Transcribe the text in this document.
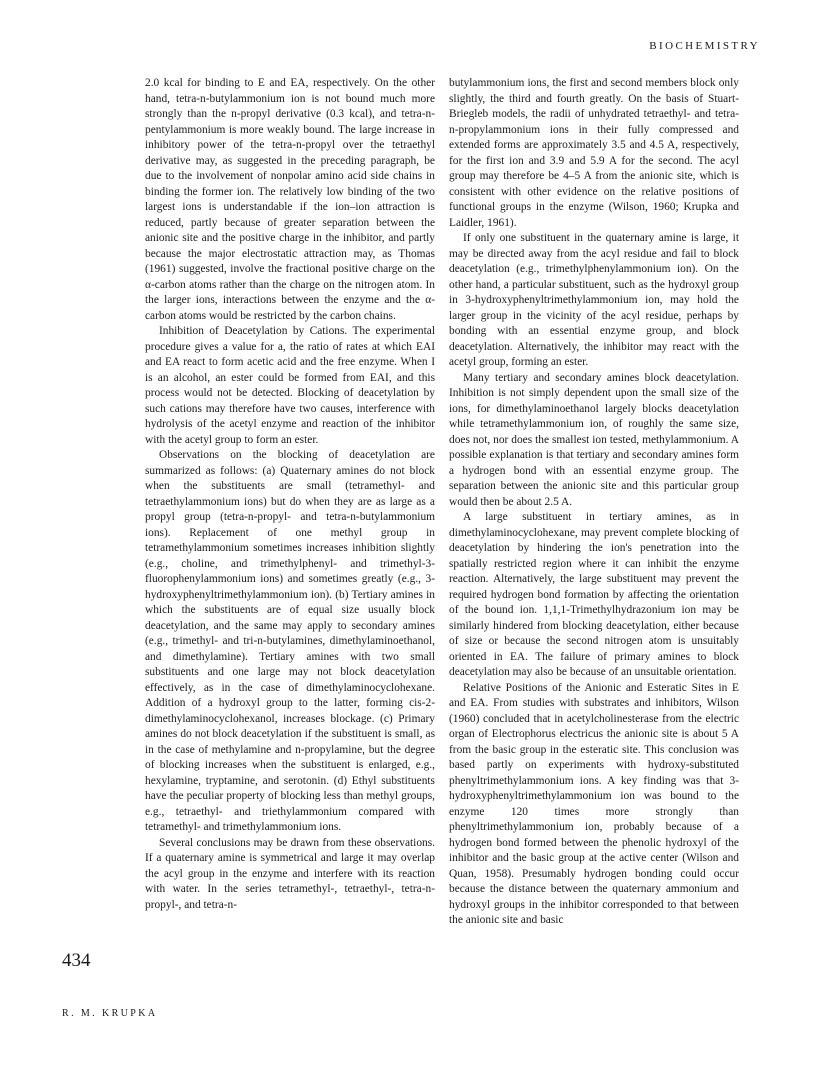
BIOCHEMISTRY

2.0 kcal for binding to E and EA, respectively. On the other hand, tetra-n-butylammonium ion is not bound much more strongly than the n-propyl derivative (0.3 kcal), and tetra-n-pentylammonium is more weakly bound. The large increase in inhibitory power of the tetra-n-propyl over the tetraethyl derivative may, as suggested in the preceding paragraph, be due to the involvement of nonpolar amino acid side chains in binding the former ion. The relatively low binding of the two largest ions is understandable if the ion–ion attraction is reduced, partly because of greater separation between the anionic site and the positive charge in the inhibitor, and partly because the major electrostatic attraction may, as Thomas (1961) suggested, involve the fractional positive charge on the α-carbon atoms rather than the charge on the nitrogen atom. In the larger ions, interactions between the enzyme and the α-carbon atoms would be restricted by the carbon chains.

Inhibition of Deacetylation by Cations. The experimental procedure gives a value for a, the ratio of rates at which EAI and EA react to form acetic acid and the free enzyme. When I is an alcohol, an ester could be formed from EAI, and this process would not be detected. Blocking of deacetylation by such cations may therefore have two causes, interference with hydrolysis of the acetyl enzyme and reaction of the inhibitor with the acetyl group to form an ester.

Observations on the blocking of deacetylation are summarized as follows: (a) Quaternary amines do not block when the substituents are small (tetramethyl- and tetraethylammonium ions) but do when they are as large as a propyl group (tetra-n-propyl- and tetra-n-butylammonium ions). Replacement of one methyl group in tetramethylammonium sometimes increases inhibition slightly (e.g., choline, and trimethylphenyl- and trimethyl-3-fluorophenylammonium ions) and sometimes greatly (e.g., 3-hydroxyphenyltrimethylammonium ion). (b) Tertiary amines in which the substituents are of equal size usually block deacetylation, and the same may apply to secondary amines (e.g., trimethyl- and tri-n-butylamines, dimethylaminoethanol, and dimethylamine). Tertiary amines with two small substituents and one large may not block deacetylation effectively, as in the case of dimethylaminocyclohexane. Addition of a hydroxyl group to the latter, forming cis-2-dimethylaminocyclohexanol, increases blockage. (c) Primary amines do not block deacetylation if the substituent is small, as in the case of methylamine and n-propylamine, but the degree of blocking increases when the substituent is enlarged, e.g., hexylamine, tryptamine, and serotonin. (d) Ethyl substituents have the peculiar property of blocking less than methyl groups, e.g., tetraethyl- and triethylammonium compared with tetramethyl- and trimethylammonium ions.

Several conclusions may be drawn from these observations. If a quaternary amine is symmetrical and large it may overlap the acyl group in the enzyme and interfere with its reaction with water. In the series tetramethyl-, tetraethyl-, tetra-n-propyl-, and tetra-n-

butylammonium ions, the first and second members block only slightly, the third and fourth greatly. On the basis of Stuart-Briegleb models, the radii of unhydrated tetraethyl- and tetra-n-propylammonium ions in their fully compressed and extended forms are approximately 3.5 and 4.5 A, respectively, for the first ion and 3.9 and 5.9 A for the second. The acyl group may therefore be 4–5 A from the anionic site, which is consistent with other evidence on the relative positions of functional groups in the enzyme (Wilson, 1960; Krupka and Laidler, 1961).

If only one substituent in the quaternary amine is large, it may be directed away from the acyl residue and fail to block deacetylation (e.g., trimethylphenylammonium ion). On the other hand, a particular substituent, such as the hydroxyl group in 3-hydroxyphenyltrimethylammonium ion, may hold the larger group in the vicinity of the acyl residue, perhaps by bonding with an essential enzyme group, and block deacetylation. Alternatively, the inhibitor may react with the acetyl group, forming an ester.

Many tertiary and secondary amines block deacetylation. Inhibition is not simply dependent upon the small size of the ions, for dimethylaminoethanol largely blocks deacetylation while tetramethylammonium ion, of roughly the same size, does not, nor does the smallest ion tested, methylammonium. A possible explanation is that tertiary and secondary amines form a hydrogen bond with an essential enzyme group. The separation between the anionic site and this particular group would then be about 2.5 A.

A large substituent in tertiary amines, as in dimethylaminocyclohexane, may prevent complete blocking of deacetylation by hindering the ion's penetration into the spatially restricted region where it can inhibit the enzyme reaction. Alternatively, the large substituent may prevent the required hydrogen bond formation by affecting the orientation of the bound ion. 1,1,1-Trimethylhydrazonium ion may be similarly hindered from blocking deacetylation, either because of size or because the second nitrogen atom is unsuitably oriented in EA. The failure of primary amines to block deacetylation may also be because of an unsuitable orientation.

Relative Positions of the Anionic and Esteratic Sites in E and EA. From studies with substrates and inhibitors, Wilson (1960) concluded that in acetylcholinesterase from the electric organ of Electrophorus electricus the anionic site is about 5 A from the basic group in the esteratic site. This conclusion was based partly on experiments with hydroxy-substituted phenyltrimethylammonium ions. A key finding was that 3-hydroxyphenyltrimethylammonium ion was bound to the enzyme 120 times more strongly than phenyltrimethylammonium ion, probably because of a hydrogen bond formed between the phenolic hydroxyl of the inhibitor and the basic group at the active center (Wilson and Quan, 1958). Presumably hydrogen bonding could occur because the distance between the quaternary ammonium and hydroxyl groups in the inhibitor corresponded to that between the anionic site and basic

434
R. M. KRUPKA
